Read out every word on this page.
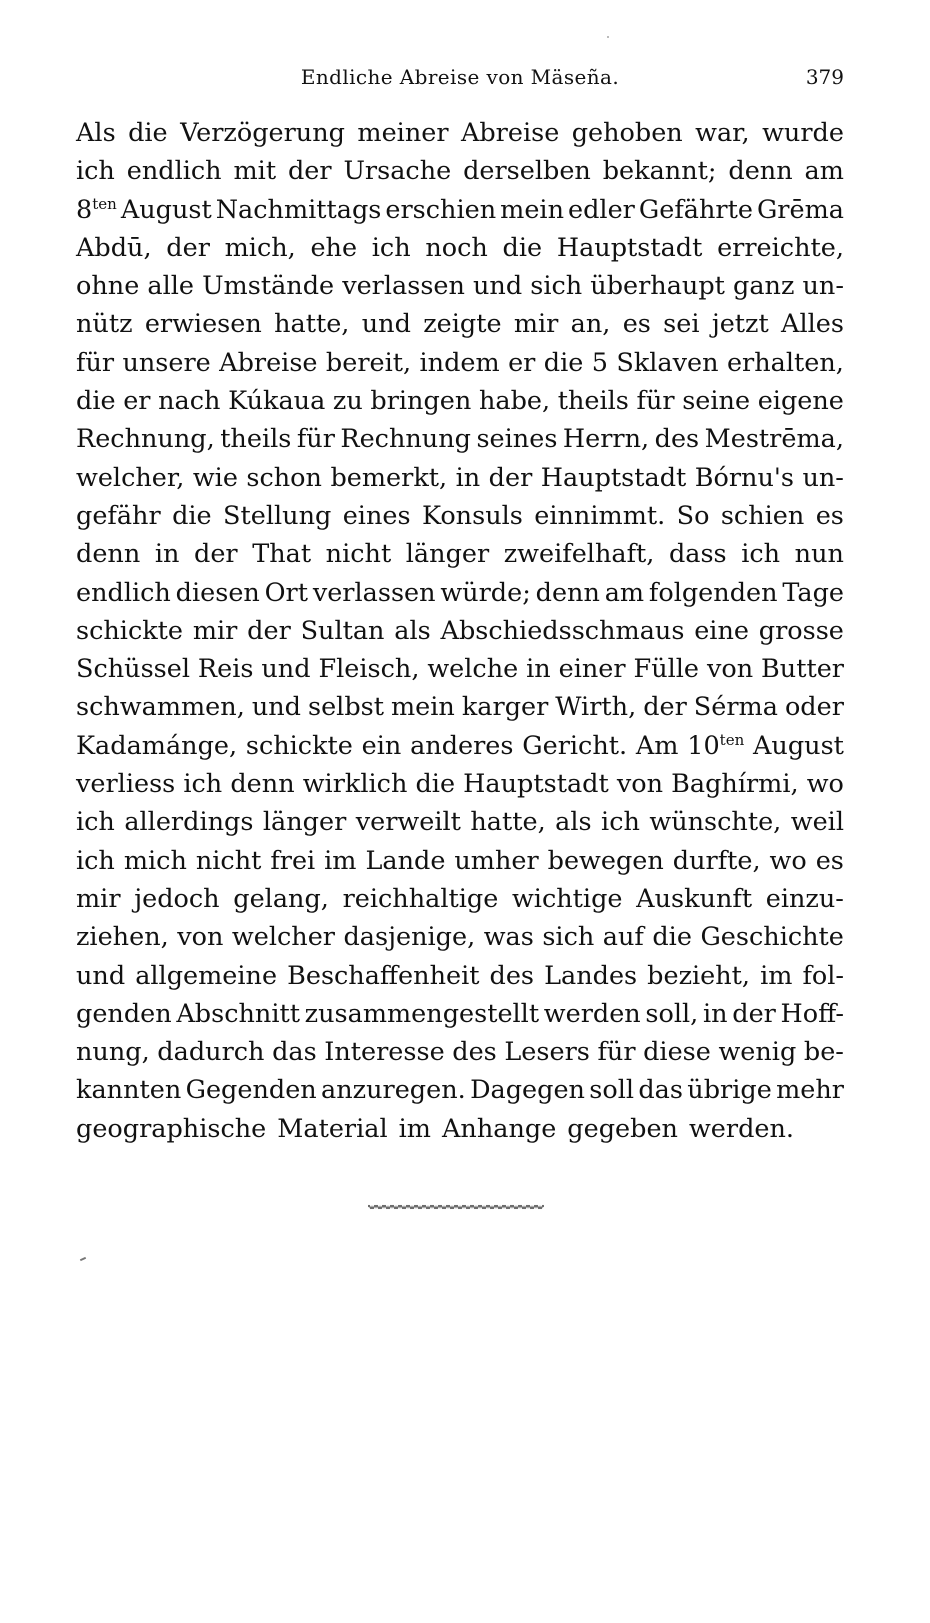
Endliche Abreise von Mäseña.	379
Als die Verzögerung meiner Abreise gehoben war, wurde
ich endlich mit der Ursache derselben bekannt; denn am
$8^{ten}$ August Nachmittags erschien mein edler Gefährte Grēma
Abdū, der mich, ehe ich noch die Hauptstadt erreichte,
ohne alle Umstände verlassen und sich überhaupt ganz un-
nütz erwiesen hatte, und zeigte mir an, es sei jetzt Alles
für unsere Abreise bereit, indem er die 5 Sklaven erhalten,
die er nach Kúkaua zu bringen habe, theils für seine eigene
Rechnung, theils für Rechnung seines Herrn, des Mestrēma,
welcher, wie schon bemerkt, in der Hauptstadt Bórnu's un-
gefähr die Stellung eines Konsuls einnimmt. So schien es
denn in der That nicht länger zweifelhaft, dass ich nun
endlich diesen Ort verlassen würde; denn am folgenden Tage
schickte mir der Sultan als Abschiedsschmaus eine grosse
Schüssel Reis und Fleisch, welche in einer Fülle von Butter
schwammen, und selbst mein karger Wirth, der Sérma oder
Kadamánge, schickte ein anderes Gericht. Am $10^{ten}$ August
verliess ich denn wirklich die Hauptstadt von Baghírmi, wo
ich allerdings länger verweilt hatte, als ich wünschte, weil
ich mich nicht frei im Lande umher bewegen durfte, wo es
mir jedoch gelang, reichhaltige wichtige Auskunft einzu-
ziehen, von welcher dasjenige, was sich auf die Geschichte
und allgemeine Beschaffenheit des Landes bezieht, im fol-
genden Abschnitt zusammengestellt werden soll, in der Hoff-
nung, dadurch das Interesse des Lesers für diese wenig be-
kannten Gegenden anzuregen. Dagegen soll das übrige mehr
geographische Material im Anhange gegeben werden.
